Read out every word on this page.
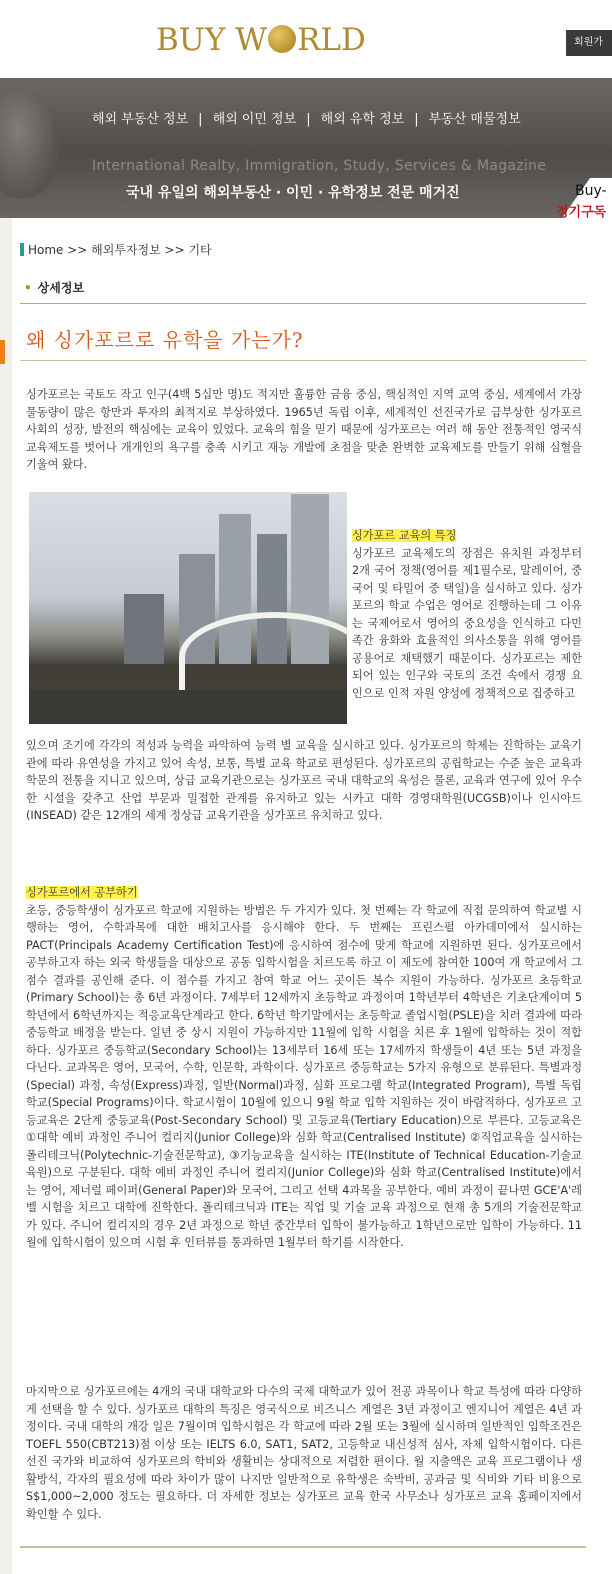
BUY W RLD	회원가
해외 부동산 정보 | 해외 이민 정보 | 해외 유학 정보 | 부동산 매물정보
International Realty, Immigration, Study, Services & Magazine
국내 유일의 해외부동산 · 이민 · 유학정보 전문 매거진	Buy-
정기구독
Home >> 해외투자정보 >> 기타
• 상세정보
왜 싱가포르로 유학을 가는가?
싱가포르는 국토도 작고 인구(4백 5십만 명)도 적지만 훌륭한 금융 중심, 핵심적인 지역 교역 중심, 세계에서 가장 물동량이 많은 항만과 투자의 최적지로 부상하였다. 1965년 독립 이후, 세계적인 선진국가로 급부상한 싱가포르 사회의 성장, 발전의 핵심에는 교육이 있었다. 교육의 힘을 믿기 때문에 싱가포르는 여러 해 동안 전통적인 영국식 교육제도를 벗어나 개개인의 욕구를 충족 시키고 재능 개발에 초점을 맞춘 완벽한 교육제도를 만들기 위해 심혈을 기울여 왔다.
싱가포르 교육의 특징
싱가포르 교육제도의 장점은 유치원 과정부터 2개 국어 정책(영어를 제1필수로, 말레이어, 중국어 및 타밀어 중 택일)을 실시하고 있다. 싱가포르의 학교 수업은 영어로 진행하는데 그 이유는 국제어로서 영어의 중요성을 인식하고 다민족간 융화와 효율적인 의사소통을 위해 영어를 공용어로 채택했기 때문이다. 싱가포르는 제한되어 있는 인구와 국토의 조건 속에서 경쟁 요인으로 인적 자원 양성에 정책적으로 집중하고
있으며 조기에 각각의 적성과 능력을 파악하여 능력 별 교육을 실시하고 있다. 싱가포르의 학제는 진학하는 교육기관에 따라 유연성을 가지고 있어 속성, 보통, 특별 교육 학교로 편성된다. 싱가포르의 공립학교는 수준 높은 교육과 학문의 전통을 지니고 있으며, 상급 교육기관으로는 싱가포르 국내 대학교의 육성은 물론, 교육과 연구에 있어 우수한 시설을 갖추고 산업 부문과 밀접한 관계를 유지하고 있는 시카고 대학 경영대학원(UCGSB)이나 인시아드(INSEAD) 같은 12개의 세계 정상급 교육기관을 싱가포르 유치하고 있다.
싱가포르에서 공부하기
초등, 중등학생이 싱가포르 학교에 지원하는 방법은 두 가지가 있다. 첫 번째는 각 학교에 직접 문의하여 학교별 시행하는 영어, 수학과목에 대한 배치고사를 응시해야 한다. 두 번째는 프린스펄 아카데미에서 실시하는 PACT(Principals Academy Certification Test)에 응시하여 점수에 맞게 학교에 지원하면 된다. 싱가포르에서 공부하고자 하는 외국 학생들을 대상으로 공동 입학시험을 치르도록 하고 이 제도에 참여한 100여 개 학교에서 그 점수 결과를 공인해 준다. 이 점수를 가지고 참여 학교 어느 곳이든 복수 지원이 가능하다. 싱가포르 초등학교(Primary School)는 총 6년 과정이다. 7세부터 12세까지 초등학교 과정이며 1학년부터 4학년은 기초단계이며 5학년에서 6학년까지는 적응교육단계라고 한다. 6학년 학기말에서는 초등학교 졸업시험(PSLE)을 치러 결과에 따라 중등학교 배정을 받는다. 일년 중 상시 지원이 가능하지만 11월에 입학 시험을 치른 후 1월에 입학하는 것이 적합하다. 싱가포르 중등학교(Secondary School)는 13세부터 16세 또는 17세까지 학생들이 4년 또는 5년 과정을 다닌다. 교과목은 영어, 모국어, 수학, 인문학, 과학이다. 싱가포르 중등학교는 5가지 유형으로 분류된다. 특별과정(Special) 과정, 속성(Express)과정, 일반(Normal)과정, 심화 프로그램 학교(Integrated Program), 특별 독립학교(Special Programs)이다. 학교시험이 10월에 있으니 9월 학교 입학 지원하는 것이 바람직하다. 싱가포르 고등교육은 2단계 중등교육(Post-Secondary School) 및 고등교육(Tertiary Education)으로 부른다. 고등교육은 ①대학 예비 과정인 주니어 컬리지(Junior College)와 심화 학교(Centralised Institute) ②직업교육을 실시하는 폴리테크닉(Polytechnic-기술전문학교), ③기능교육을 실시하는 ITE(Institute of Technical Education-기술교육원)으로 구분된다. 대학 예비 과정인 주니어 컬리지(Junior College)와 심화 학교(Centralised Institute)에서는 영어, 제너럴 페이퍼(General Paper)와 모국어, 그리고 선택 4과목을 공부한다. 예비 과정이 끝나면 GCE'A'레벨 시험을 치르고 대학에 진학한다. 폴리테크닉과 ITE는 직업 및 기술 교육 과정으로 현재 총 5개의 기술전문학교가 있다. 주니어 컬리지의 경우 2년 과정으로 학년 중간부터 입학이 불가능하고 1학년으로만 입학이 가능하다. 11월에 입학시험이 있으며 시험 후 인터뷰를 통과하면 1월부터 학기를 시작한다.
마지막으로 싱가포르에는 4개의 국내 대학교와 다수의 국제 대학교가 있어 전공 과목이나 학교 특성에 따라 다양하게 선택을 할 수 있다. 싱가포르 대학의 특징은 영국식으로 비즈니스 계열은 3년 과정이고 엔지니어 계열은 4년 과정이다. 국내 대학의 개강 일은 7월이며 입학시험은 각 학교에 따라 2월 또는 3월에 실시하며 일반적인 입학조건은 TOEFL 550(CBT213)점 이상 또는 IELTS 6.0, SAT1, SAT2, 고등학교 내신성적 심사, 자체 입학시험이다. 다른 선진 국가와 비교하여 싱가포르의 학비와 생활비는 상대적으로 저렴한 편이다. 월 지출액은 교육 프로그램이나 생활방식, 각자의 필요성에 따라 차이가 많이 나지만 일반적으로 유학생은 숙박비, 공과금 및 식비와 기타 비용으로 S$1,000~2,000 정도는 필요하다. 더 자세한 정보는 싱가포르 교육 한국 사무소나 싱가포르 교육 홈페이지에서 확인할 수 있다.
